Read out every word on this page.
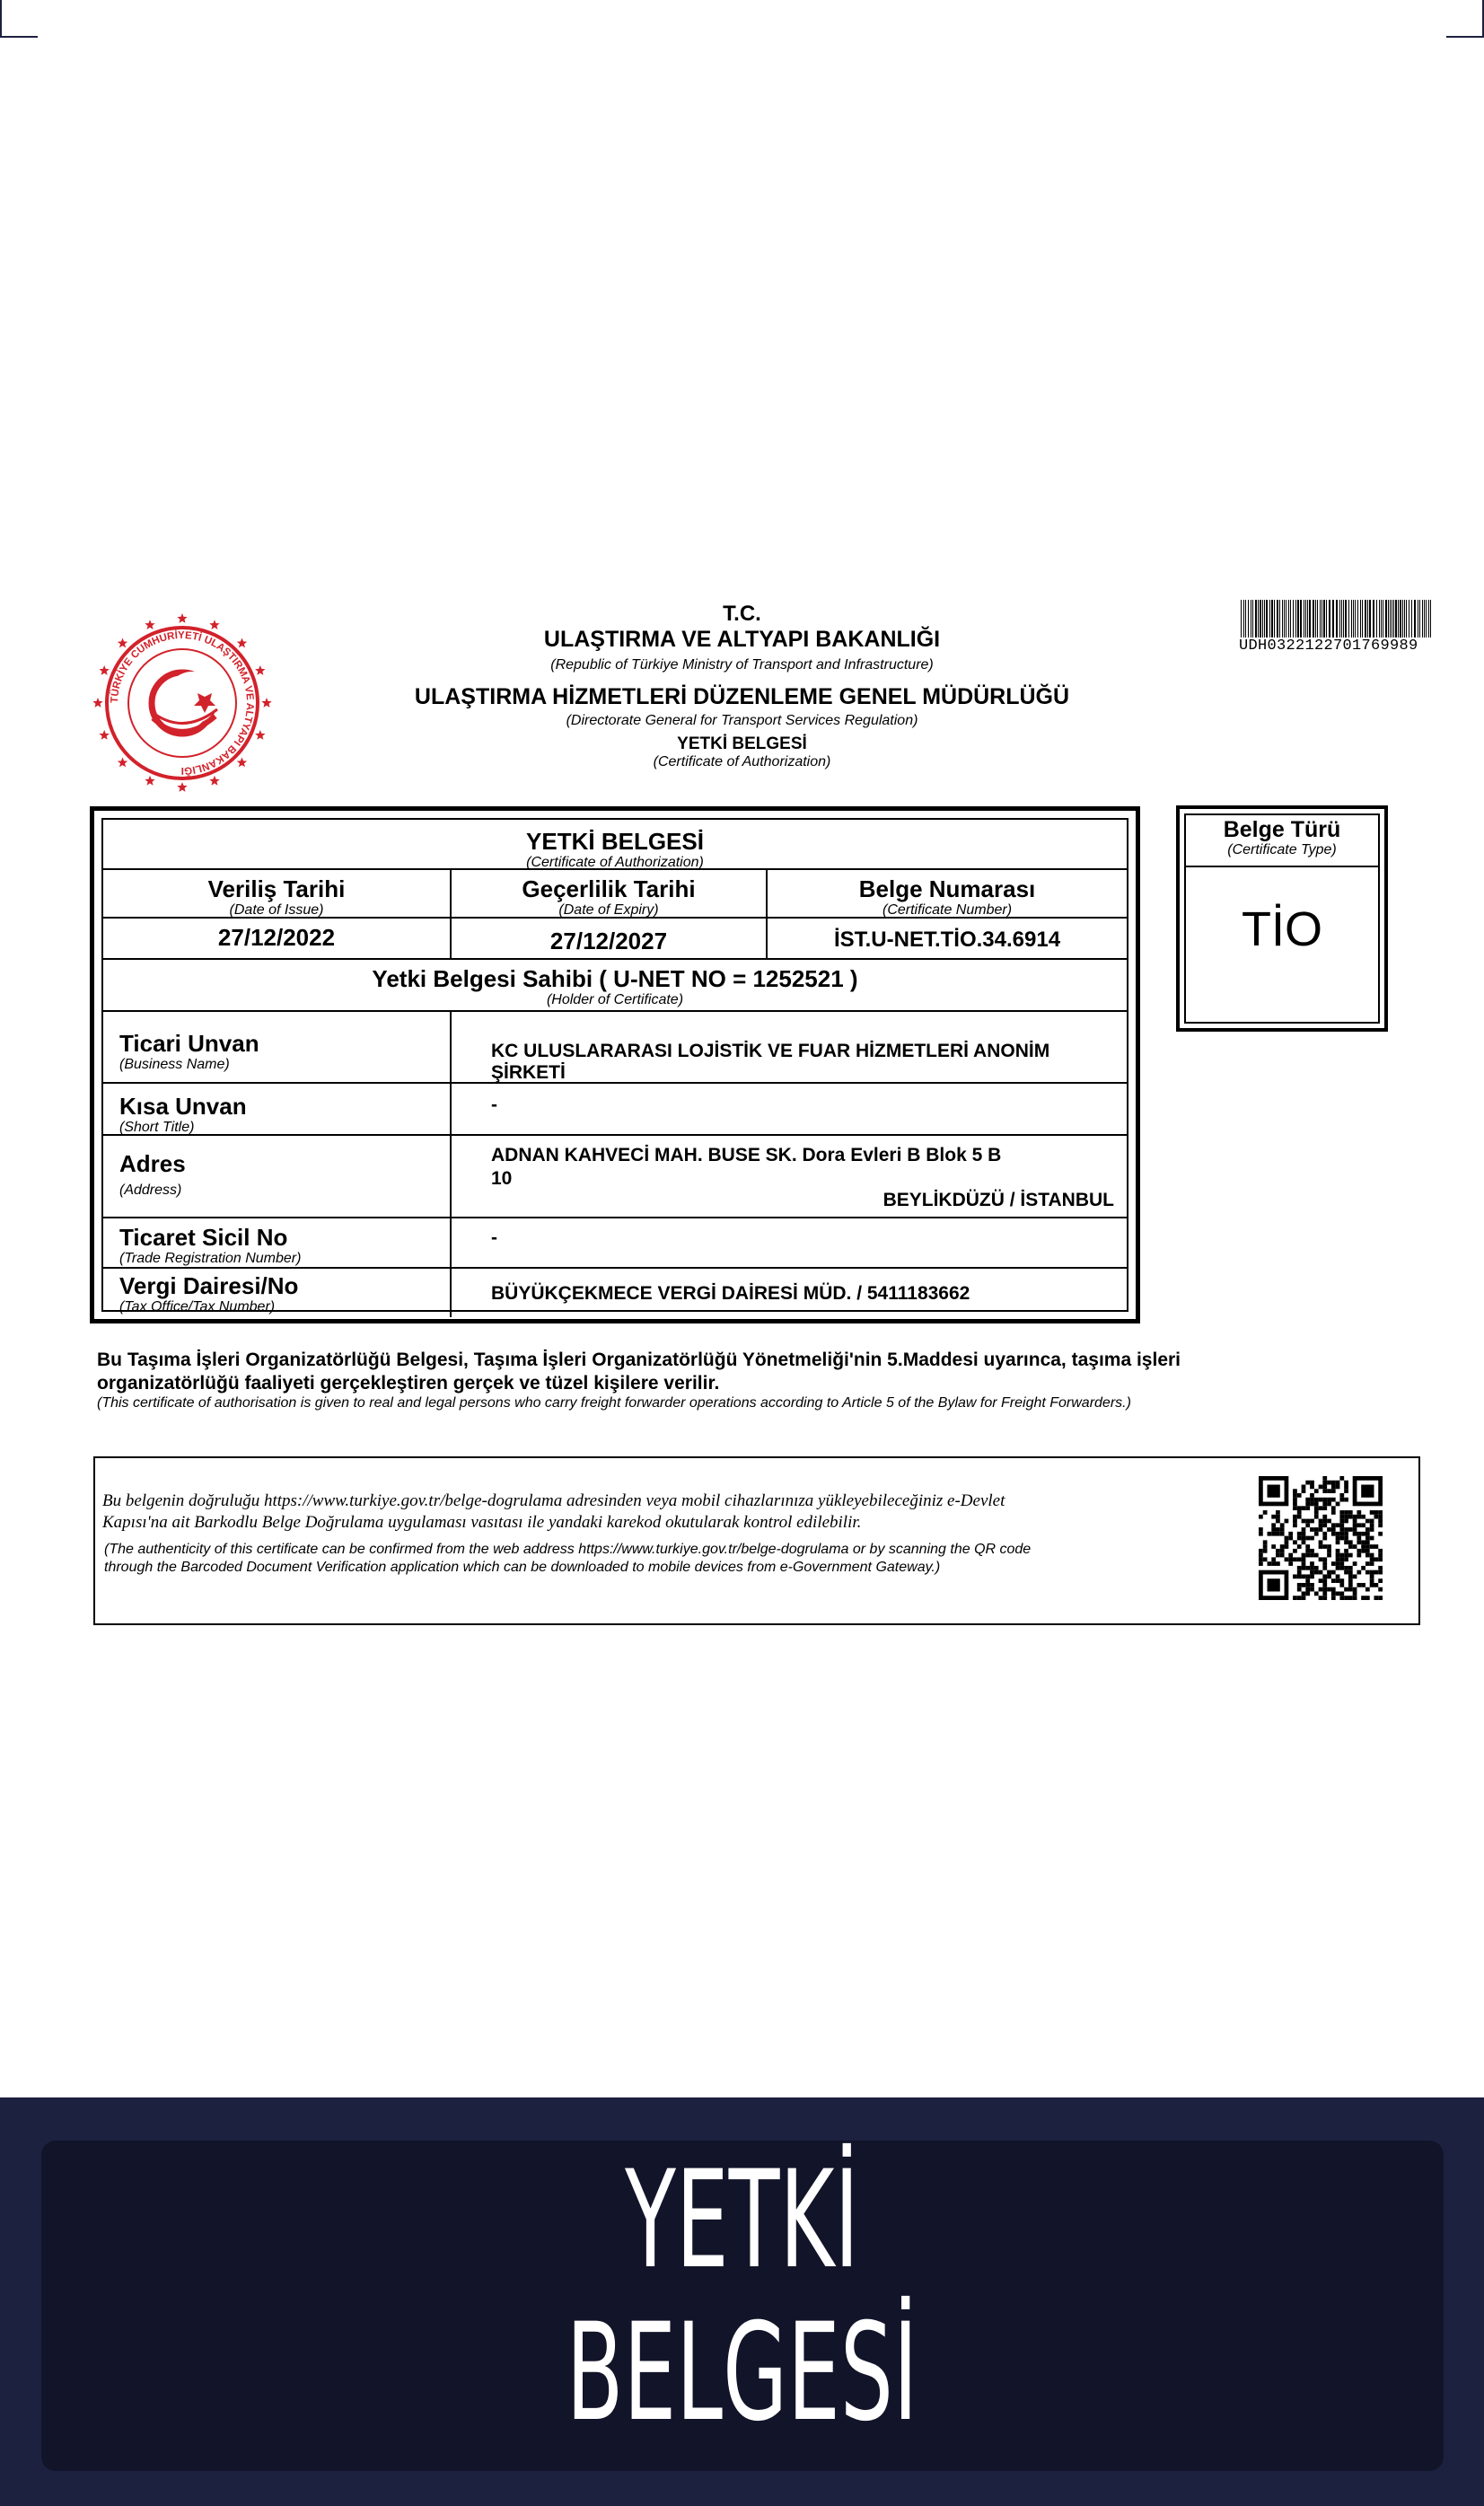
TÜRKİYE CUMHURİYETİ ULAŞTIRMA VE ALTYAPI BAKANLIĞI
T.C.
ULAŞTIRMA VE ALTYAPI BAKANLIĞI
(Republic of Türkiye Ministry of Transport and Infrastructure)
ULAŞTIRMA HİZMETLERİ DÜZENLEME GENEL MÜDÜRLÜĞÜ
(Directorate General for Transport Services Regulation)
YETKİ BELGESİ
(Certificate of Authorization)
UDH0322122701769989
YETKİ BELGESİ
(Certificate of Authorization)
Veriliş Tarihi
(Date of Issue)
Geçerlilik Tarihi
(Date of Expiry)
Belge Numarası
(Certificate Number)
27/12/2022	27/12/2027	İST.U-NET.TİO.34.6914
Yetki Belgesi Sahibi ( U-NET NO = 1252521 )
(Holder of Certificate)
Ticari Unvan
(Business Name)
KC ULUSLARARASI LOJİSTİK VE FUAR HİZMETLERİ ANONİM ŞİRKETİ
Kısa Unvan
(Short Title)
-
Adres
(Address)
ADNAN KAHVECİ MAH. BUSE SK. Dora Evleri B Blok 5 B
10
BEYLİKDÜZÜ / İSTANBUL
Ticaret Sicil No
(Trade Registration Number)
-
Vergi Dairesi/No
(Tax Office/Tax Number)
BÜYÜKÇEKMECE VERGİ DAİRESİ MÜD. / 5411183662
Belge Türü
(Certificate Type)
TİO
Bu Taşıma İşleri Organizatörlüğü Belgesi, Taşıma İşleri Organizatörlüğü Yönetmeliği'nin 5.Maddesi uyarınca, taşıma işleri
organizatörlüğü faaliyeti gerçekleştiren gerçek ve tüzel kişilere verilir.
(This certificate of authorisation is given to real and legal persons who carry freight forwarder operations according to Article 5 of the Bylaw for Freight Forwarders.)
Bu belgenin doğruluğu https://www.turkiye.gov.tr/belge-dogrulama adresinden veya mobil cihazlarınıza yükleyebileceğiniz e-Devlet
Kapısı'na ait Barkodlu Belge Doğrulama uygulaması vasıtası ile yandaki karekod okutularak kontrol edilebilir.
(The authenticity of this certificate can be confirmed from the web address https://www.turkiye.gov.tr/belge-dogrulama or by scanning the QR code
through the Barcoded Document Verification application which can be downloaded to mobile devices from e-Government Gateway.)
YETKİ
BELGESİ
